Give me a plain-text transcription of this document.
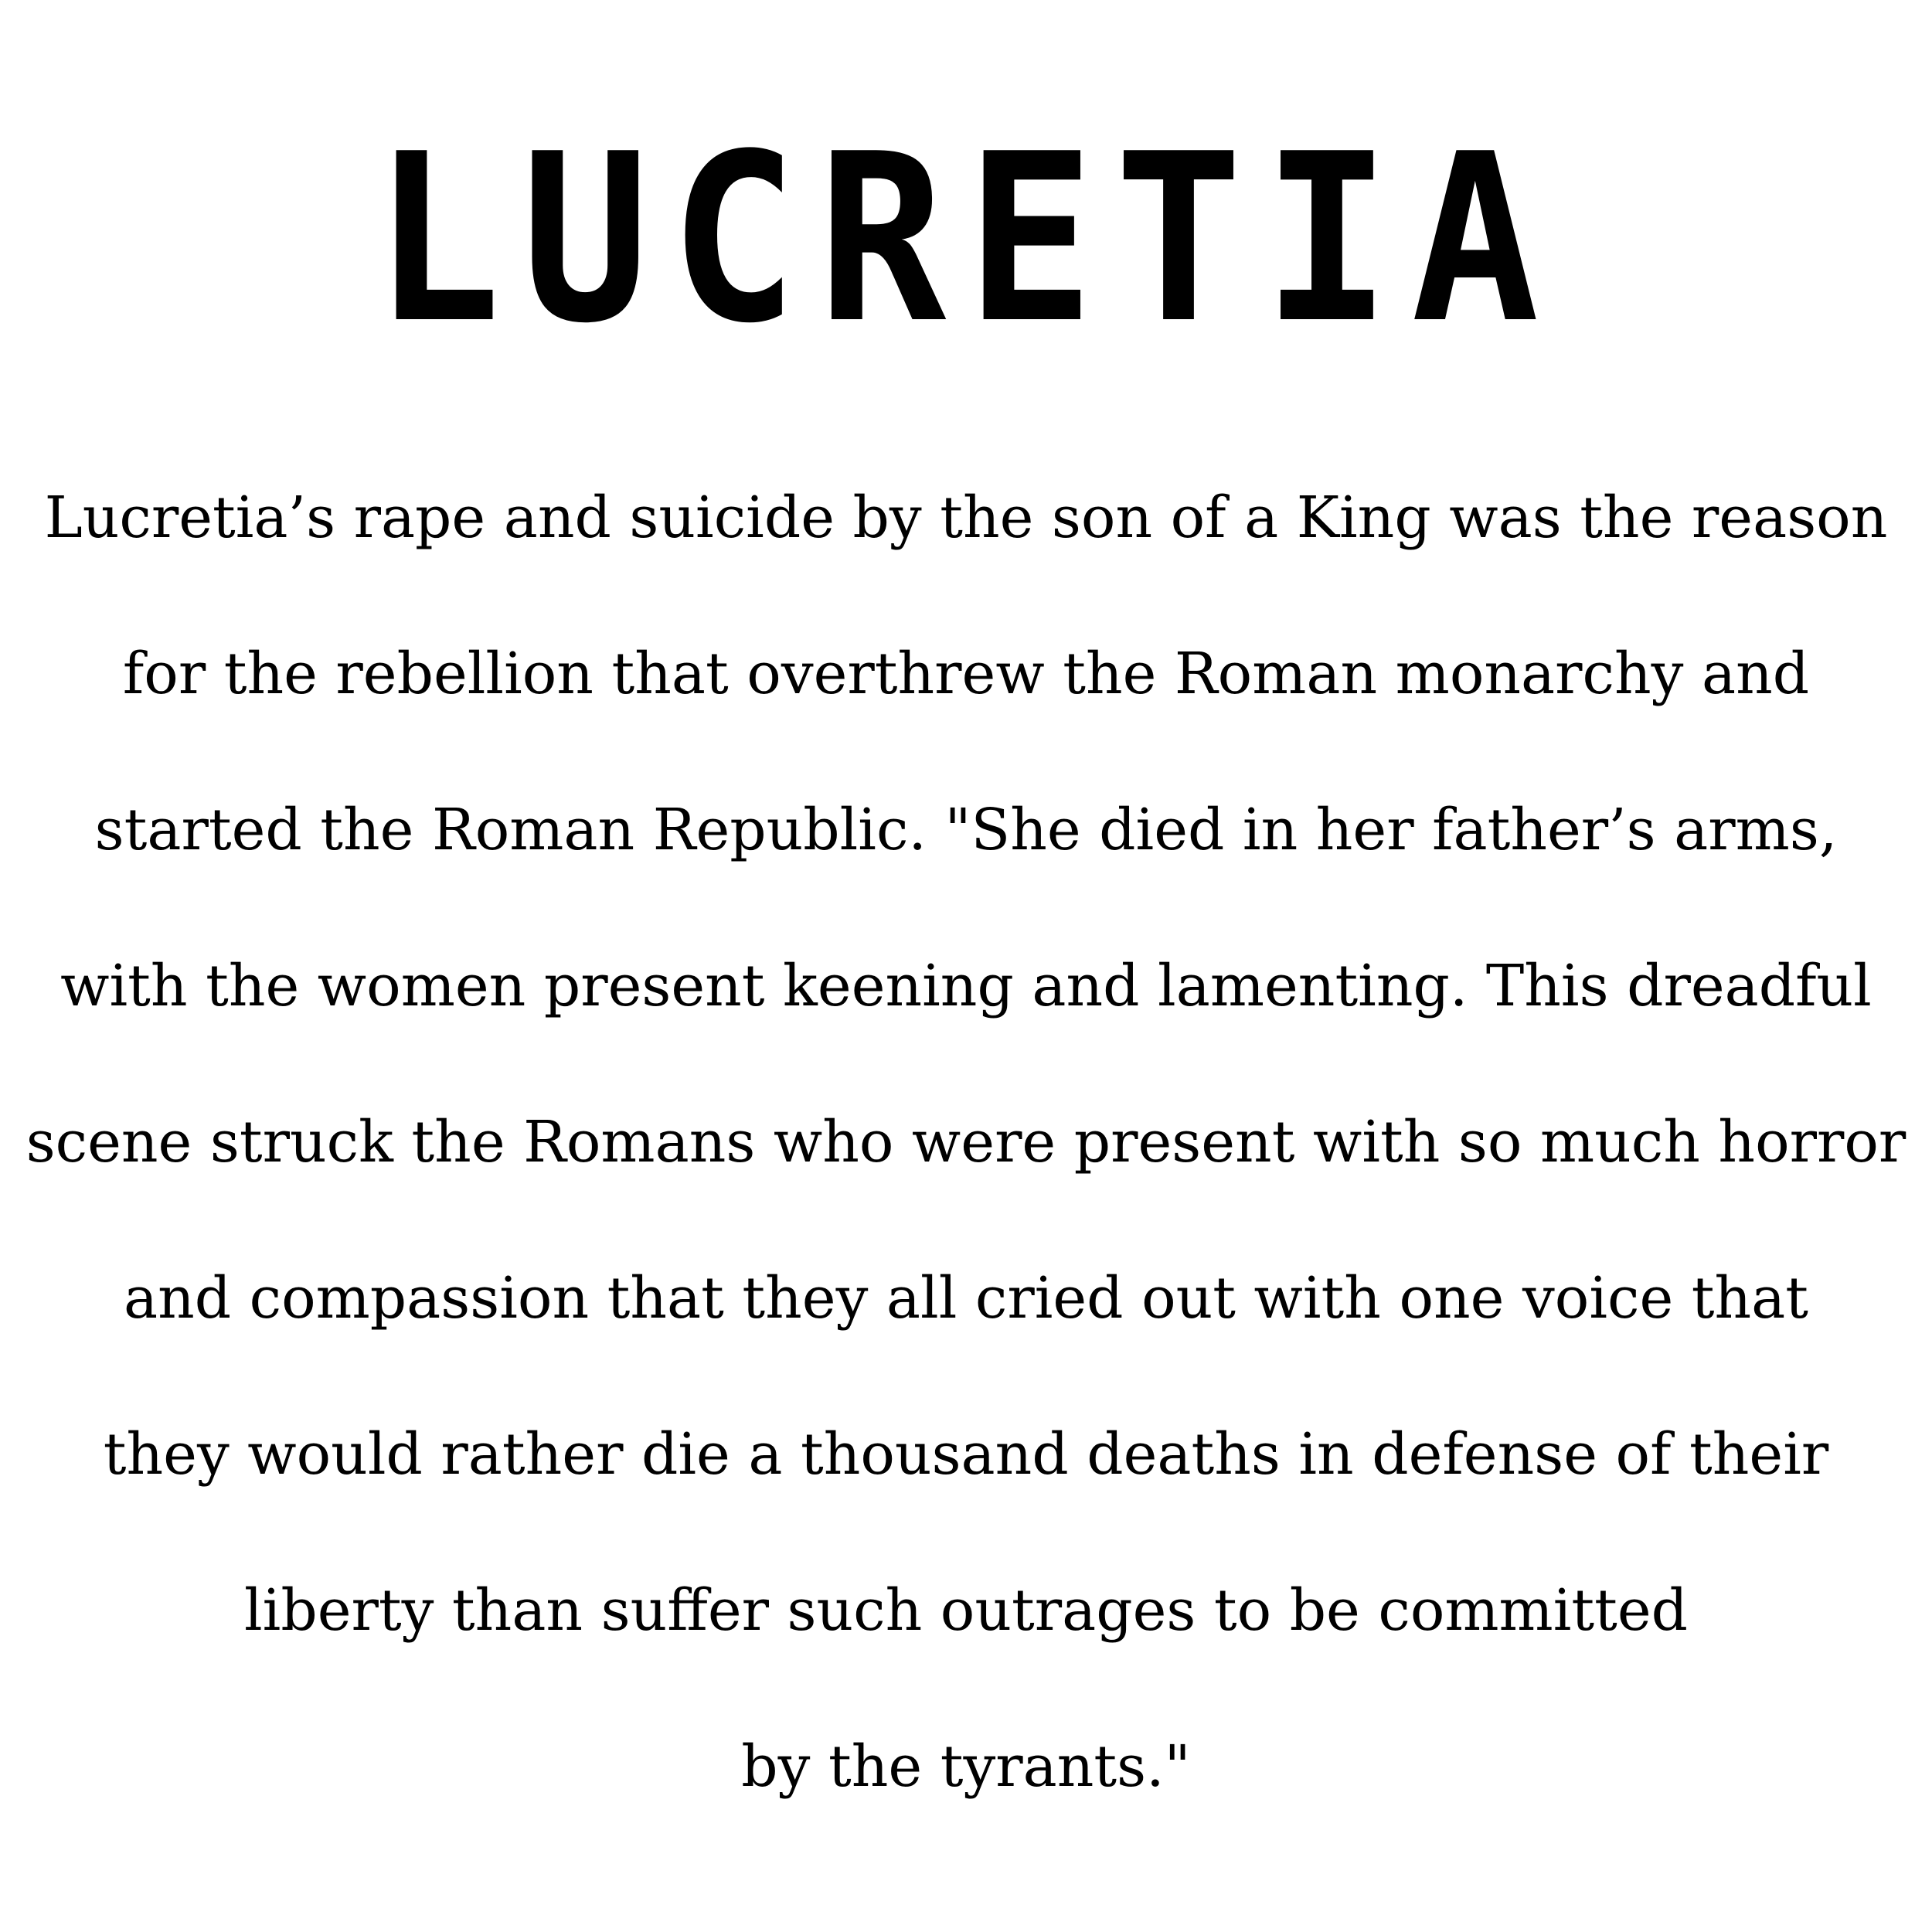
LUCRETIA
Lucretia’s rape and suicide by the son of a King was the reason
for the rebellion that overthrew the Roman monarchy and
started the Roman Republic. "She died in her father’s arms,
with the women present keening and lamenting. This dreadful
scene struck the Romans who were present with so much horror
and compassion that they all cried out with one voice that
they would rather die a thousand deaths in defense of their
liberty than suffer such outrages to be committed
by the tyrants."
